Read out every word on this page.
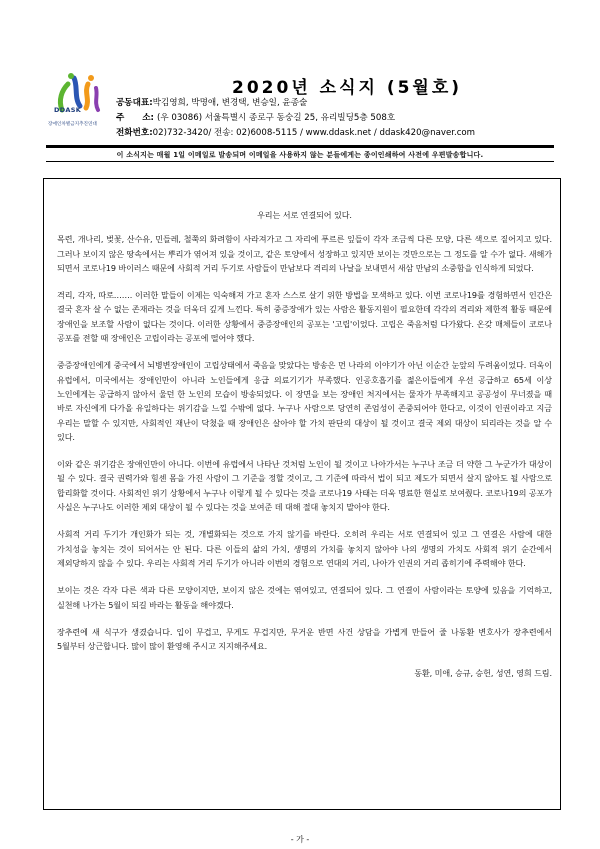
DDASK
장애인차별금지추진연대
2020년 소식지 (5월호)
공동대표:박김영희, 박명애, 변경택, 변승일, 윤종술
주      소: (우 03086) 서울특별시 종로구 동숭길 25, 유리빌딩5층 508호
전화번호:02)732-3420/ 전송: 02)6008-5115 / www.ddask.net / ddask420@naver.com
이 소식지는 매월 1일 이메일로 발송되며 이메일을 사용하지 않는 분들에게는 종이인쇄하여 사전에 우편발송합니다.

우리는 서로 연결되어 있다.

목련, 개나리, 벚꽃, 산수유, 민들레, 철쭉의 화려함이 사라져가고 그 자리에 푸르른 잎들이 각자 조금씩 다른 모양, 다른 색으로 짙어지고 있다. 그러나 보이지 않은 땅속에서는 뿌리가 엮어져 있을 것이고, 같은 토양에서 성장하고 있지만 보이는 것만으로는 그 정도를 알 수가 없다. 새해가 되면서 코로나19 바이러스 때문에 사회적 거리 두기로 사람들이 만남보다 격리의 나날을 보내면서 새삼 만남의 소중함을 인식하게 되었다.

격리, 각자, 따로……. 이러한 말들이 이제는 익숙해져 가고 혼자 스스로 살기 위한 방법을 모색하고 있다. 이번 코로나19를 경험하면서 인간은 결국 혼자 살 수 없는 존재라는 것을 더욱더 깊게 느낀다. 특히 중증장애가 있는 사람은 활동지원이 필요한데 각각의 격리와 제한적 활동 때문에 장애인을 보조할 사람이 없다는 것이다. 이러한 상황에서 중증장애인의 공포는 '고립'이었다. 고립은 죽음처럼 다가왔다. 온갖 매체들이 코로나 공포를 전할 때 장애인은 고립이라는 공포에 떨어야 했다.

중증장애인에게 중국에서 뇌병변장애인이 고립상태에서 죽음을 맞았다는 방송은 먼 나라의 이야기가 아닌 이순간 눈앞의 두려움이었다. 더욱이 유럽에서, 미국에서는 장애인만이 아니라 노인들에게 응급 의료기기가 부족했다. 인공호흡기를 젊은이들에게 우선 공급하고 65세 이상 노인에게는 공급하지 않아서 울던 한 노인의 모습이 방송되었다. 이 장면을 보는 장애인 처지에서는 물자가 부족해지고 공공성이 무너졌을 때 바로 자신에게 다가올 유일하다는 위기감을 느낄 수밖에 없다. 누구나 사람으로 당연히 존엄성이 존중되어야 한다고, 이것이 인권이라고 지금 우리는 말할 수 있지만, 사회적인 재난이 닥쳤을 때 장애인은 살아야 할 가치 판단의 대상이 될 것이고 결국 제외 대상이 되리라는 것을 알 수 있다.

이와 같은 위기감은 장애인만이 아니다. 이번에 유럽에서 나타난 것처럼 노인이 될 것이고 나아가서는 누구나 조금 더 약한 그 누군가가 대상이 될 수 있다. 결국 권력가와 힘센 몸을 가진 사람이 그 기준을 정할 것이고, 그 기준에 따라서 법이 되고 제도가 되면서 살지 않아도 될 사람으로 합리화할 것이다. 사회적인 위기 상황에서 누구나 이렇게 될 수 있다는 것을 코로나19 사태는 더욱 명료한 현실로 보여줬다. 코로나19의 공포가 사실은 누구나도 이러한 제외 대상이 될 수 있다는 것을 보여준 데 대해 절대 놓치지 말아야 한다.

사회적 거리 두기가 개인화가 되는 것, 개별화되는 것으로 가지 않기를 바란다. 오히려 우리는 서로 연결되어 있고 그 연결은 사람에 대한 가치성을 놓치는 것이 되어서는 안 된다. 다른 이들의 삶의 가치, 생명의 가치를 놓치지 않아야 나의 생명의 가치도 사회적 위기 순간에서 제외당하지 않을 수 있다. 우리는 사회적 거리 두기가 아니라 이번의 경험으로 연대의 거리, 나아가 인권의 거리 좁히기에 주력해야 한다.

보이는 것은 각자 다른 색과 다른 모양이지만, 보이지 않은 것에는 엮여있고, 연결되어 있다. 그 연결이 사람이라는 토양에 있음을 기억하고, 실천해 나가는 5월이 되길 바라는 활동을 해야겠다.

장추련에 새 식구가 생겼습니다. 입이 무겁고, 무게도 무겁지만, 무거운 반면 사건 상담을 가볍게 만들어 줄 나동환 변호사가 장추련에서 5월부터 상근합니다. 많이 많이 환영해 주시고 지지해주세요.

동환, 미애, 승규, 승헌, 성연, 영희 드림.

- 가 -
